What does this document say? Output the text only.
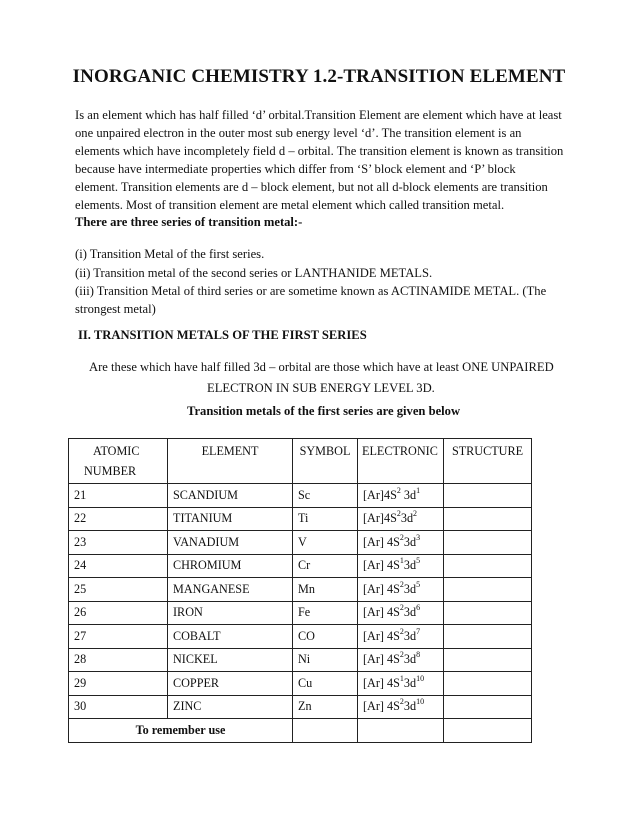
INORGANIC CHEMISTRY 1.2-TRANSITION ELEMENT
Is an element which has half filled ‘d’ orbital.Transition Element are element which have at least
one unpaired electron in the outer most sub energy level ‘d’. The transition element is an
elements which have incompletely field d – orbital. The transition element is known as transition
because have intermediate properties which differ from ‘S’ block element and ‘P’ block
element. Transition elements are d – block element, but not all d-block elements are transition
elements. Most of transition element are metal element which called transition metal.
There are three series of transition metal:-
(i) Transition Metal of the first series.
(ii) Transition metal of the second series or LANTHANIDE METALS.
(iii) Transition Metal of third series or are sometime known as ACTINAMIDE METAL. (The
strongest metal)
II. TRANSITION METALS OF THE FIRST SERIES
Are these which have half filled 3d – orbital are those which have at least ONE UNPAIRED
ELECTRON IN SUB ENERGY LEVEL 3D.
Transition metals of the first series are given below
ATOMIC
NUMBER	ELEMENT	SYMBOL	ELECTRONIC	STRUCTURE
21	SCANDIUM	Sc	$[Ar]4S^2$ $3d^1$	
22	TITANIUM	Ti	$[Ar]4S^23d^2$	
23	VANADIUM	V	[Ar] $4S^23d^3$	
24	CHROMIUM	Cr	[Ar] $4S^13d^5$	
25	MANGANESE	Mn	[Ar] $4S^23d^5$	
26	IRON	Fe	[Ar] $4S^23d^6$	
27	COBALT	CO	[Ar] $4S^23d^7$	
28	NICKEL	Ni	[Ar] $4S^23d^8$	
29	COPPER	Cu	[Ar] $4S^13d^{10}$	
30	ZINC	Zn	[Ar] $4S^23d^{10}$	
To remember use				
